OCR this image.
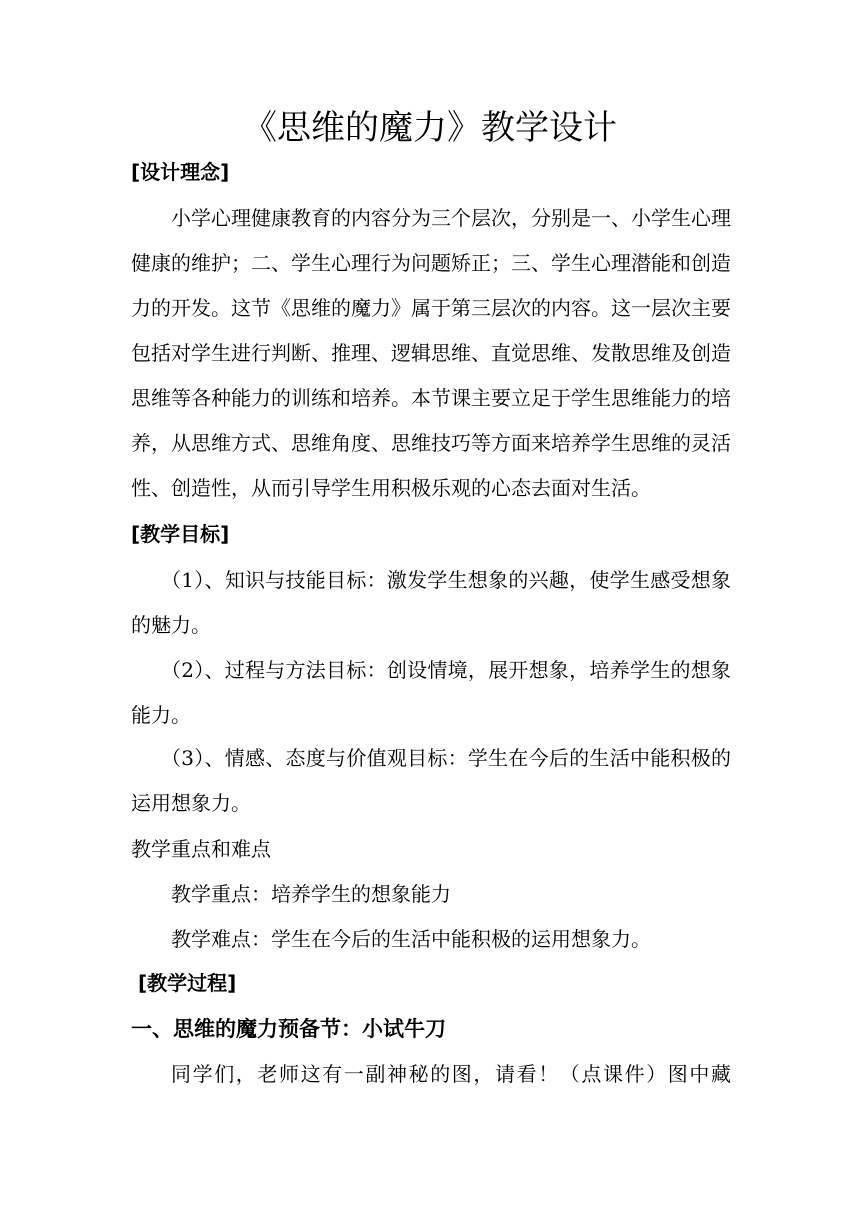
《思维的魔力》教学设计
[设计理念]
小学心理健康教育的内容分为三个层次，分别是一、小学生心理
健康的维护；二、学生心理行为问题矫正；三、学生心理潜能和创造
力的开发。这节《思维的魔力》属于第三层次的内容。这一层次主要
包括对学生进行判断、推理、逻辑思维、直觉思维、发散思维及创造
思维等各种能力的训练和培养。本节课主要立足于学生思维能力的培
养，从思维方式、思维角度、思维技巧等方面来培养学生思维的灵活
性、创造性，从而引导学生用积极乐观的心态去面对生活。
[教学目标]
（1）、知识与技能目标：激发学生想象的兴趣，使学生感受想象
的魅力。
（2）、过程与方法目标：创设情境，展开想象，培养学生的想象
能力。
（3）、情感、态度与价值观目标：学生在今后的生活中能积极的
运用想象力。
教学重点和难点
教学重点：培养学生的想象能力
教学难点：学生在今后的生活中能积极的运用想象力。
[教学过程]
一、思维的魔力预备节：小试牛刀
同学们，老师这有一副神秘的图，请看！（点课件）图中藏
